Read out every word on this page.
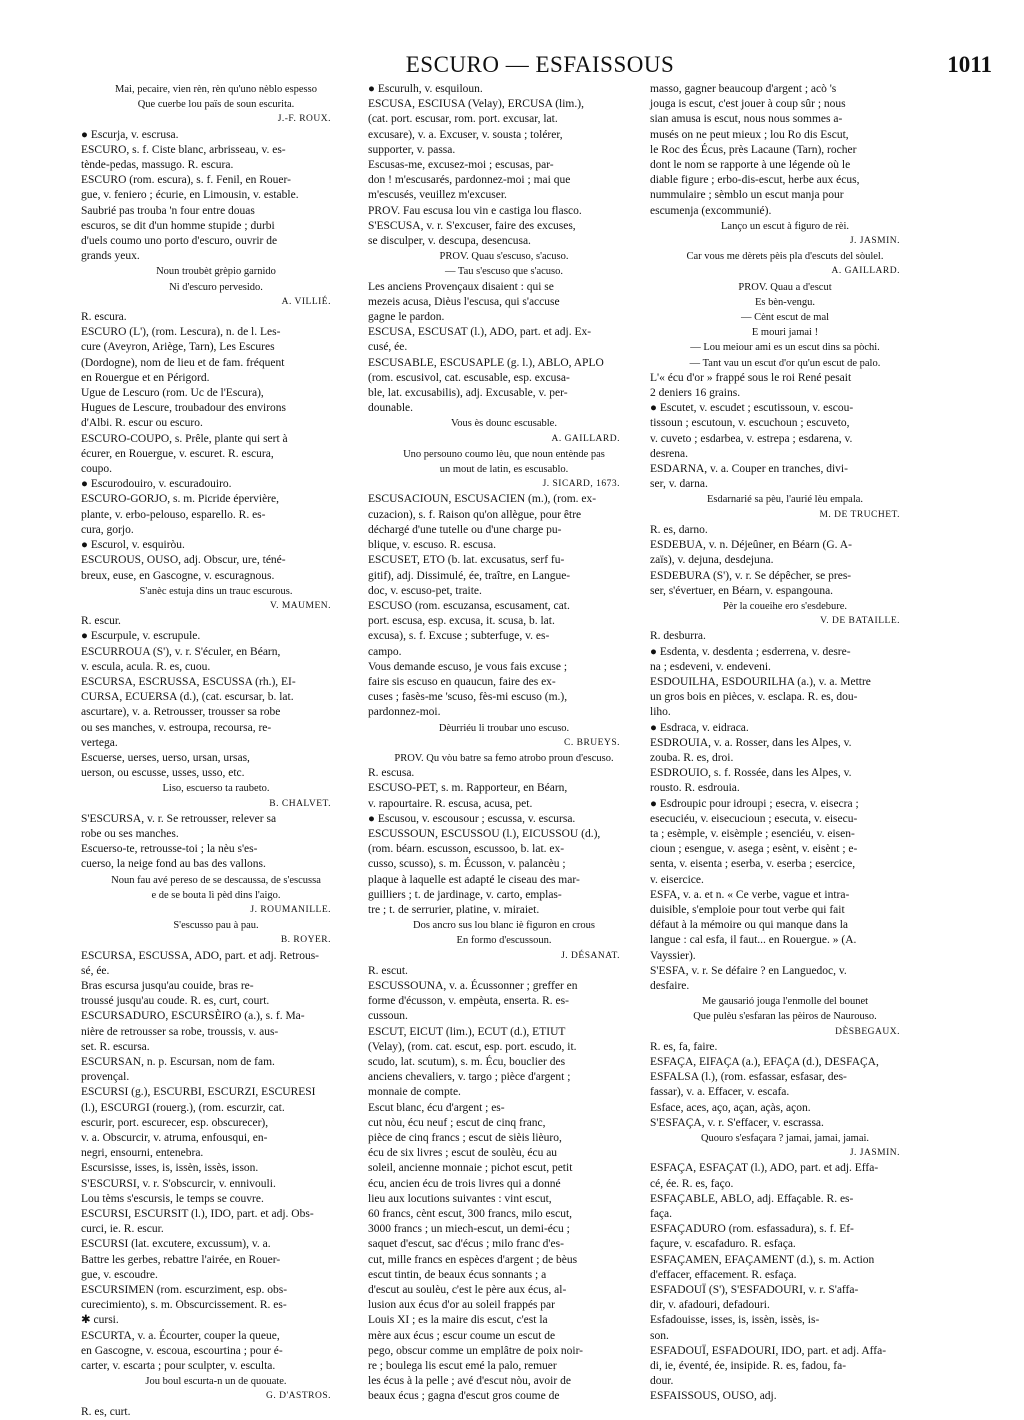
ESCURO — ESFAISSOUS	1011
Mai, pecaire, vien rèn, rèn qu'uno nèblo espesso
Que cuerbe lou païs de soun escurita.
J.-F. ROUX.
● Escurja, v. escrusa.
ESCURO, s. f. Ciste blanc, arbrisseau, v. es-
tènde-pedas, massugo. R. escura.
ESCURO (rom. escura), s. f. Fenil, en Rouer-
gue, v. feniero ; écurie, en Limousin, v. estable.
Saubrié pas trouba 'n four entre douas
escuros, se dit d'un homme stupide ; durbi
d'uels coumo uno porto d'escuro, ouvrir de
grands yeux.
Noun troubèt grèpio garnido
Ni d'escuro pervesido.
A. VILLIÉ.
R. escura.
ESCURO (L'), (rom. Lescura), n. de l. Les-
cure (Aveyron, Ariège, Tarn), Les Escures
(Dordogne), nom de lieu et de fam. fréquent
en Rouergue et en Périgord.
Ugue de Lescuro (rom. Uc de l'Escura),
Hugues de Lescure, troubadour des environs
d'Albi. R. escur ou escuro.
ESCURO-COUPO, s. Prêle, plante qui sert à
écurer, en Rouergue, v. escuret. R. escura,
coupo.
● Escurodouiro, v. escuradouiro.
ESCURO-GORJO, s. m. Picride épervière,
plante, v. erbo-pelouso, esparello. R. es-
cura, gorjo.
● Escurol, v. esquiròu.
ESCUROUS, OUSO, adj. Obscur, ure, téné-
breux, euse, en Gascogne, v. escuragnous.
S'anèc estuja dins un trauc escurous.
V. MAUMEN.
R. escur.
● Escurpule, v. escrupule.
ESCURROUA (S'), v. r. S'éculer, en Béarn,
v. escula, acula. R. es, cuou.
ESCURSA, ESCRUSSA, ESCUSSA (rh.), EI-
CURSA, ECUERSA (d.), (cat. escursar, b. lat.
ascurtare), v. a. Retrousser, trousser sa robe
ou ses manches, v. estroupa, recoursa, re-
vertega.
Escuerse, uerses, uerso, ursan, ursas,
uerson, ou escusse, usses, usso, etc.
Liso, escuerso ta raubeto.
B. CHALVET.
S'ESCURSA, v. r. Se retrousser, relever sa
robe ou ses manches.
Escuerso-te, retrousse-toi ; la nèu s'es-
cuerso, la neige fond au bas des vallons.
Noun fau avé pereso de se descaussa, de s'escussa
e de se bouta lì pèd dins l'aigo.
J. ROUMANILLE.
S'escusso pau à pau.
B. ROYER.
ESCURSA, ESCUSSA, ADO, part. et adj. Retrous-
sé, ée.
Bras escursa jusqu'au couide, bras re-
troussé jusqu'au coude. R. es, curt, court.
ESCURSADURO, ESCURSÈIRO (a.), s. f. Ma-
nière de retrousser sa robe, troussis, v. aus-
set. R. escursa.
ESCURSAN, n. p. Escursan, nom de fam.
provençal.
ESCURSI (g.), ESCURBI, ESCURZI, ESCURESI
(l.), ESCURGI (rouerg.), (rom. escurzir, cat.
escurir, port. escurecer, esp. obscurecer),
v. a. Obscurcir, v. atruma, enfousqui, en-
negri, ensourni, entenebra.
Escursisse, isses, is, issèn, issès, isson.
S'ESCURSI, v. r. S'obscurcir, v. ennivouli.
Lou tèms s'escursis, le temps se couvre.
ESCURSI, ESCURSIT (l.), IDO, part. et adj. Obs-
curci, ie. R. escur.
ESCURSI (lat. excutere, excussum), v. a.
Battre les gerbes, rebattre l'airée, en Rouer-
gue, v. escoudre.
ESCURSIMEN (rom. escurziment, esp. obs-
curecimiento), s. m. Obscurcissement. R. es-
✱ cursi.
ESCURTA, v. a. Écourter, couper la queue,
en Gascogne, v. escoua, escourtina ; pour é-
carter, v. escarta ; pour sculpter, v. esculta.
Jou boul escurta-n un de quouate.
G. D'ASTROS.
R. es, curt.
● Escurulh, v. esquiloun.
ESCUSA, ESCIUSA (Velay), ERCUSA (lim.),
(cat. port. escusar, rom. port. excusar, lat.
excusare), v. a. Excuser, v. sousta ; tolérer,
supporter, v. passa.
Escusas-me, excusez-moi ; escusas, par-
don ! m'escusarés, pardonnez-moi ; mai que
m'escusés, veuillez m'excuser.
PROV. Fau escusa lou vin e castiga lou flasco.
S'ESCUSA, v. r. S'excuser, faire des excuses,
se disculper, v. descupa, desencusa.
PROV. Quau s'escuso, s'acuso.
— Tau s'escuso que s'acuso.
Les anciens Provençaux disaient : qui se
mezeis acusa, Dièus l'escusa, qui s'accuse
gagne le pardon.
ESCUSA, ESCUSAT (l.), ADO, part. et adj. Ex-
cusé, ée.
ESCUSABLE, ESCUSAPLE (g. l.), ABLO, APLO
(rom. escusivol, cat. escusable, esp. excusa-
ble, lat. excusabilis), adj. Excusable, v. per-
dounable.
Vous ès dounc escusable.
A. GAILLARD.
Uno persouno coumo lèu, que noun entènde pas
un mout de latin, es escusablo.
J. SICARD, 1673.
ESCUSACIOUN, ESCUSACIEN (m.), (rom. ex-
cuzacion), s. f. Raison qu'on allègue, pour être
déchargé d'une tutelle ou d'une charge pu-
blique, v. escuso. R. escusa.
ESCUSET, ETO (b. lat. excusatus, serf fu-
gitif), adj. Dissimulé, ée, traître, en Langue-
doc, v. escuso-pet, traite.
ESCUSO (rom. escuzansa, escusament, cat.
port. escusa, esp. excusa, it. scusa, b. lat.
excusa), s. f. Excuse ; subterfuge, v. es-
campo.
Vous demande escuso, je vous fais excuse ;
faire sis escuso en quaucun, faire des ex-
cuses ; fasès-me 'scuso, fès-mi escuso (m.),
pardonnez-moi.
Dèurriéu li troubar uno escuso.
C. BRUEYS.
PROV. Qu vòu batre sa femo atrobo proun d'escuso.
R. escusa.
ESCUSO-PET, s. m. Rapporteur, en Béarn,
v. rapourtaire. R. escusa, acusa, pet.
● Escusou, v. escousour ; escussa, v. escursa.
ESCUSSOUN, ESCUSSOU (l.), EICUSSOU (d.),
(rom. béarn. escusson, escussoo, b. lat. ex-
cusso, scusso), s. m. Écusson, v. palancèu ;
plaque à laquelle est adapté le ciseau des mar-
guilliers ; t. de jardinage, v. carto, emplas-
tre ; t. de serrurier, platine, v. miraiet.
Dos ancro sus lou blanc iè figuron en crous
En formo d'escussoun.
J. DÉSANAT.
R. escut.
ESCUSSOUNA, v. a. Écussonner ; greffer en
forme d'écusson, v. empèuta, enserta. R. es-
cussoun.
ESCUT, EICUT (lim.), ECUT (d.), ETIUT
(Velay), (rom. cat. escut, esp. port. escudo, it.
scudo, lat. scutum), s. m. Écu, bouclier des
anciens chevaliers, v. targo ; pièce d'argent ;
monnaie de compte.
Escut blanc, écu d'argent ; es-
cut nòu, écu neuf ; escut de cinq franc,
pièce de cinq francs ; escut de sièis lièuro,
écu de six livres ; escut de soulèu, écu au
soleil, ancienne monnaie ; pichot escut, petit
écu, ancien écu de trois livres qui a donné
lieu aux locutions suivantes : vint escut,
60 francs, cènt escut, 300 francs, milo escut,
3000 francs ; un miech-escut, un demi-écu ;
saquet d'escut, sac d'écus ; milo franc d'es-
cut, mille francs en espèces d'argent ; de bèus
escut tintin, de beaux écus sonnants ; a
d'escut au soulèu, c'est le père aux écus, al-
lusion aux écus d'or au soleil frappés par
Louis XI ; es la maire dis escut, c'est la
mère aux écus ; escur coume un escut de
pego, obscur comme un emplâtre de poix noir-
re ; boulega lis escut emé la palo, remuer
les écus à la pelle ; avé d'escut nòu, avoir de
beaux écus ; gagna d'escut gros coume de
masso, gagner beaucoup d'argent ; acò 's
jouga is escut, c'est jouer à coup sûr ; nous
sian amusa is escut, nous nous sommes a-
musés on ne peut mieux ; lou Ro dis Escut,
le Roc des Écus, près Lacaune (Tarn), rocher
dont le nom se rapporte à une légende où le
diable figure ; erbo-dis-escut, herbe aux écus,
nummulaire ; sèmblo un escut manja pour
escumenja (excommunié).
Lanço un escut à figuro de rèi.
J. JASMIN.
Car vous me dèrets pèis pla d'escuts del sòulel.
A. GAILLARD.
PROV. Quau a d'escut
Es bèn-vengu.
— Cènt escut de mal
E mouri jamai !
— Lou meiour ami es un escut dins sa pòchi.
— Tant vau un escut d'or qu'un escut de palo.
L'« écu d'or » frappé sous le roi René pesait
2 deniers 16 grains.
● Escutet, v. escudet ; escutissoun, v. escou-
tissoun ; escutoun, v. escuchoun ; escuveto,
v. cuveto ; esdarbea, v. estrepa ; esdarena, v.
desrena.
ESDARNA, v. a. Couper en tranches, divi-
ser, v. darna.
Esdarnarié sa pèu, l'aurié lèu empala.
M. DE TRUCHET.
R. es, darno.
ESDEBUA, v. n. Déjeûner, en Béarn (G. A-
zaïs), v. dejuna, desdejuna.
ESDEBURA (S'), v. r. Se dépêcher, se pres-
ser, s'évertuer, en Béarn, v. espangouna.
Pèr la coueihe ero s'esdebure.
V. DE BATAILLE.
R. desburra.
● Esdenta, v. desdenta ; esderrena, v. desre-
na ; esdeveni, v. endeveni.
ESDOUILHA, ESDOURILHA (a.), v. a. Mettre
un gros bois en pièces, v. esclapa. R. es, dou-
liho.
● Esdraca, v. eidraca.
ESDROUIA, v. a. Rosser, dans les Alpes, v.
zouba. R. es, droi.
ESDROUIO, s. f. Rossée, dans les Alpes, v.
rousto. R. esdrouia.
● Esdroupic pour idroupi ; esecra, v. eisecra ;
esecuciéu, v. eisecucioun ; esecuta, v. eisecu-
ta ; esèmple, v. eisèmple ; esenciéu, v. eisen-
cioun ; esengue, v. asega ; esènt, v. eisènt ; e-
senta, v. eisenta ; eserba, v. eserba ; esercice,
v. eisercice.
ESFA, v. a. et n. « Ce verbe, vague et intra-
duisible, s'emploie pour tout verbe qui fait
défaut à la mémoire ou qui manque dans la
langue : cal esfa, il faut... en Rouergue. » (A.
Vayssier).
S'ESFA, v. r. Se défaire ? en Languedoc, v.
desfaire.
Me gausarió jouga l'enmolle del bounet
Que pulèu s'esfaran las pèiros de Naurouso.
DÈSBEGAUX.
R. es, fa, faire.
ESFAÇA, EIFAÇA (a.), EFAÇA (d.), DESFAÇA,
ESFALSA (l.), (rom. esfassar, esfasar, des-
fassar), v. a. Effacer, v. escafa.
Esface, aces, aço, açan, açàs, açon.
S'ESFAÇA, v. r. S'effacer, v. escrassa.
Quouro s'esfaçara ? jamai, jamai, jamai.
J. JASMIN.
ESFAÇA, ESFAÇAT (l.), ADO, part. et adj. Effa-
cé, ée. R. es, faço.
ESFAÇABLE, ABLO, adj. Effaçable. R. es-
faça.
ESFAÇADURO (rom. esfassadura), s. f. Ef-
façure, v. escafaduro. R. esfaça.
ESFAÇAMEN, EFAÇAMENT (d.), s. m. Action
d'effacer, effacement. R. esfaça.
ESFADOUÏ (S'), S'ESFADOURI, v. r. S'affa-
dir, v. afadouri, defadouri.
Esfadouisse, isses, is, issèn, issès, is-
son.
ESFADOUÏ, ESFADOURI, IDO, part. et adj. Affa-
di, ie, éventé, ée, insipide. R. es, fadou, fa-
dour.
ESFAISSOUS, OUSO, adj.
